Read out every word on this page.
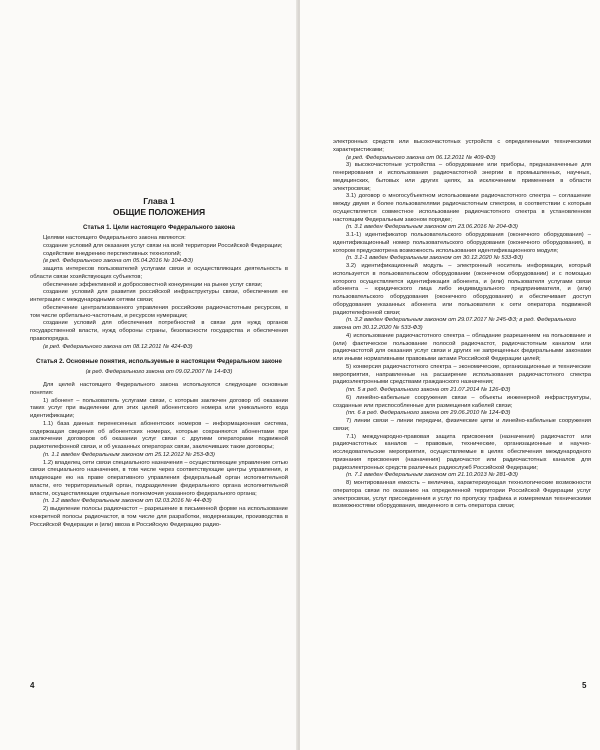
Глава 1

ОБЩИЕ ПОЛОЖЕНИЯ

Статья 1. Цели настоящего Федерального закона

Целями настоящего Федерального закона являются:

создание условий для оказания услуг связи на всей территории Российской Федерации;

содействие внедрению перспективных технологий;

(в ред. Федерального закона от 05.04.2016 № 104-ФЗ)

защита интересов пользователей услугами связи и осуществляющих деятельность в области связи хозяйствующих субъектов;

обеспечение эффективной и добросовестной конкуренции на рынке услуг связи;

создание условий для развития российской инфраструктуры связи, обеспечения ее интеграции с международными сетями связи;

обеспечение централизованного управления российским радиочастотным ресурсом, в том числе орбитально-частотным, и ресурсом нумерации;

создание условий для обеспечения потребностей в связи для нужд органов государственной власти, нужд обороны страны, безопасности государства и обеспечения правопорядка.

(в ред. Федерального закона от 08.12.2011 № 424-ФЗ)

Статья 2. Основные понятия, используемые в настоящем Федеральном законе

(в ред. Федерального закона от 09.02.2007 № 14-ФЗ)

Для целей настоящего Федерального закона используются следующие основные понятия:

1) абонент – пользователь услугами связи, с которым заключен договор об оказании таких услуг при выделении для этих целей абонентского номера или уникального кода идентификации;

1.1) база данных перенесенных абонентских номеров – информационная система, содержащая сведения об абонентских номерах, которые сохраняются абонентами при заключении договоров об оказании услуг связи с другими операторами подвижной радиотелефонной связи, и об указанных операторах связи, заключивших такие договоры;

(п. 1.1 введен Федеральным законом от 25.12.2012 № 253-ФЗ)

1.2) владелец сети связи специального назначения – осуществляющие управление сетью связи специального назначения, в том числе через соответствующие центры управления, и владеющие ею на праве оперативного управления федеральный орган исполнительной власти, его территориальный орган, подразделение федерального органа исполнительной власти, осуществляющие отдельные полномочия указанного федерального органа;

(п. 1.2 введен Федеральным законом от 02.03.2016 № 44-ФЗ)

2) выделение полосы радиочастот – разрешение в письменной форме на использование конкретной полосы радиочастот, в том числе для разработки, модернизации, производства в Российской Федерации и (или) ввоза в Российскую Федерацию радио-

4

электронных средств или высокочастотных устройств с определенными техническими характеристиками;

(в ред. Федерального закона от 06.12.2011 № 409-ФЗ)

3) высокочастотные устройства – оборудование или приборы, предназначенные для генерирования и использования радиочастотной энергии в промышленных, научных, медицинских, бытовых или других целях, за исключением применения в области электросвязи;

3.1) договор о многосубъектном использовании радиочастотного спектра – соглашение между двумя и более пользователями радиочастотным спектром, в соответствии с которым осуществляется совместное использование радиочастотного спектра в установленном настоящим Федеральным законом порядке;

(п. 3.1 введен Федеральным законом от 23.06.2016 № 204-ФЗ)

3.1-1) идентификатор пользовательского оборудования (оконечного оборудования) – идентификационный номер пользовательского оборудования (оконечного оборудования), в котором предусмотрена возможность использования идентификационного модуля;

(п. 3.1-1 введен Федеральным законом от 30.12.2020 № 533-ФЗ)

3.2) идентификационный модуль – электронный носитель информации, который используется в пользовательском оборудовании (оконечном оборудовании) и с помощью которого осуществляется идентификация абонента, и (или) пользователя услугами связи абонента – юридического лица либо индивидуального предпринимателя, и (или) пользовательского оборудования (оконечного оборудования) и обеспечивает доступ оборудования указанных абонента или пользователя к сети оператора подвижной радиотелефонной связи;

(п. 3.2 введен Федеральным законом от 29.07.2017 № 245-ФЗ; в ред. Федерального закона от 30.12.2020 № 533-ФЗ)

4) использование радиочастотного спектра – обладание разрешением на пользование и (или) фактическое пользование полосой радиочастот, радиочастотным каналом или радиочастотой для оказания услуг связи и других не запрещенных федеральными законами или иными нормативными правовыми актами Российской Федерации целей;

5) конверсия радиочастотного спектра – экономические, организационные и технические мероприятия, направленные на расширение использования радиочастотного спектра радиоэлектронными средствами гражданского назначения;

(пп. 5 в ред. Федерального закона от 21.07.2014 № 126-ФЗ)

6) линейно-кабельные сооружения связи – объекты инженерной инфраструктуры, созданные или приспособленные для размещения кабелей связи;

(пп. 6 в ред. Федерального закона от 29.06.2010 № 124-ФЗ)

7) линии связи – линии передачи, физические цепи и линейно-кабельные сооружения связи;

7.1) международно-правовая защита присвоения (назначения) радиочастот или радиочастотных каналов – правовые, технические, организационные и научно-исследовательские мероприятия, осуществляемые в целях обеспечения международного признания присвоения (назначения) радиочастот или радиочастотных каналов для радиоэлектронных средств различных радиослужб Российской Федерации;

(п. 7.1 введен Федеральным законом от 21.10.2013 № 281-ФЗ)

8) монтированная емкость – величина, характеризующая технологические возможности оператора связи по оказанию на определенной территории Российской Федерации услуг электросвязи, услуг присоединения и услуг по пропуску трафика и измеряемая техническими возможностями оборудования, введенного в сеть оператора связи;

5
